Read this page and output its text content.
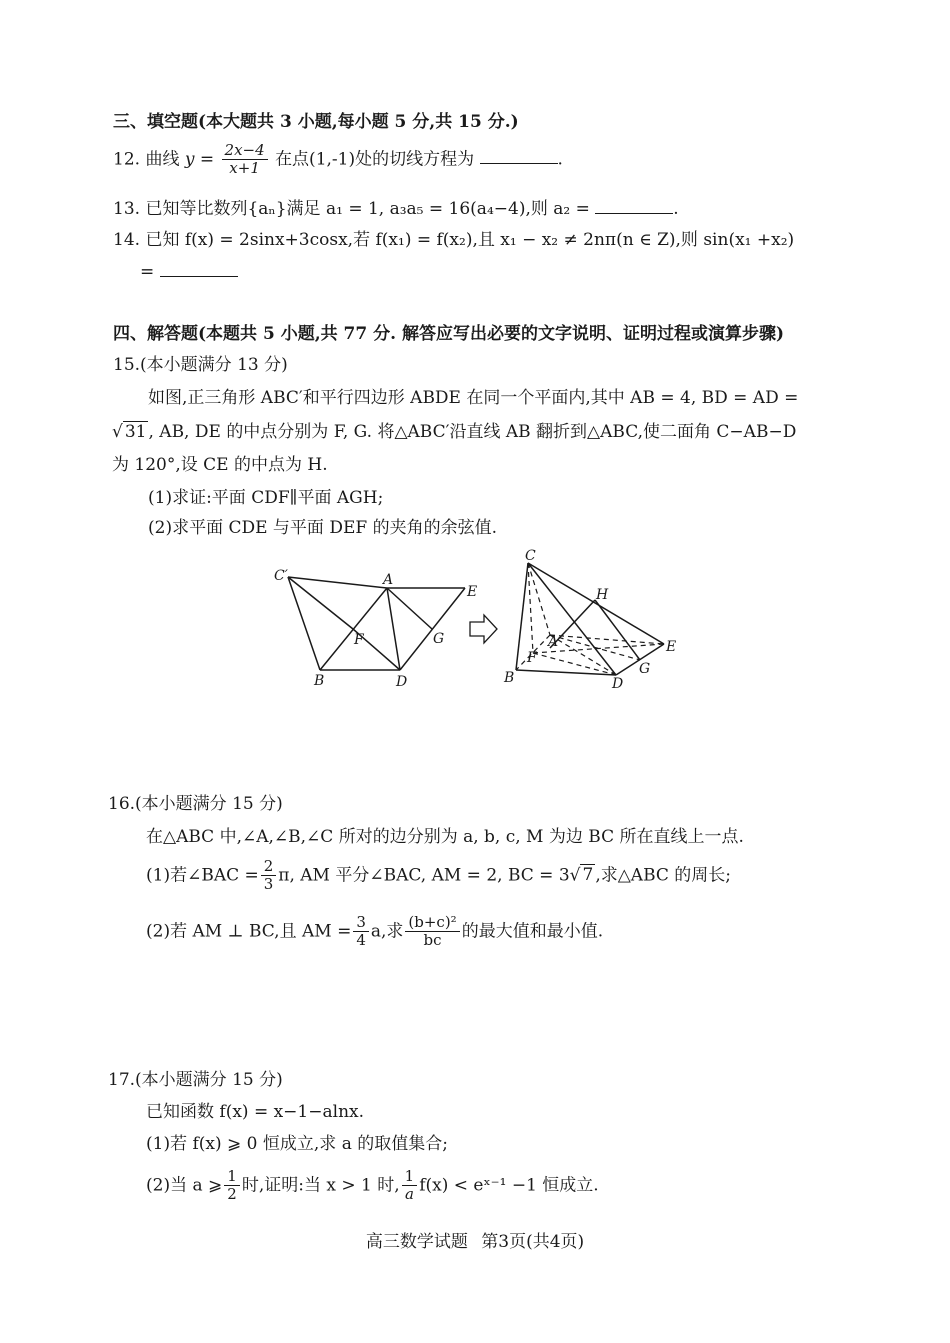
三、填空题(本大题共 3 小题,每小题 5 分,共 15 分.)
12. 曲线 $y = \frac{2x-4}{x+1}$ 在点(1,-1)处的切线方程为	.
13. 已知等比数列{aₙ}满足 a₁ = 1, a₃a₅ = 16(a₄−4),则 a₂ =	.
14. 已知 f(x) = 2sinx+3cosx,若 f(x₁) = f(x₂),且 x₁ − x₂ ≠ 2nπ(n ∈ Z),则 sin(x₁ +x₂)
=
四、解答题(本题共 5 小题,共 77 分. 解答应写出必要的文字说明、证明过程或演算步骤)
15.(本小题满分 13 分)
如图,正三角形 ABC′和平行四边形 ABDE 在同一个平面内,其中 AB = 4, BD = AD =
√ 31 , AB, DE 的中点分别为 F, G. 将△ABC′沿直线 AB 翻折到△ABC,使二面角 C−AB−D
为 120°,设 CE 的中点为 H.
(1)求证:平面 CDF∥平面 AGH;
(2)求平面 CDE 与平面 DEF 的夹角的余弦值.
C′	A
E
F	G
B	D
C
H
A
F
E
G
B	D
16.(本小题满分 15 分)
在△ABC 中,∠A,∠B,∠C 所对的边分别为 a, b, c, M 为边 BC 所在直线上一点.
(1)若∠BAC = $\frac{2}{3} \pi$, AM 平分∠BAC, AM = 2, BC = 3√ 7 ,求△ABC 的周长;
(2)若 AM ⊥ BC,且 AM = $\frac{3}{4} a$,求 $\frac{\text{(b+c)²}}{bc}$ 的最大值和最小值.
17.(本小题满分 15 分)
已知函数 f(x) = x−1−alnx.
(1)若 f(x) ⩾ 0 恒成立,求 a 的取值集合;
(2)当 a ⩾ $\frac{1}{2}$ 时,证明:当 x > 1 时, $\frac{1}{a} f(x)$ < eˣ⁻¹ −1 恒成立.
高三数学试题 第3页(共4页)
